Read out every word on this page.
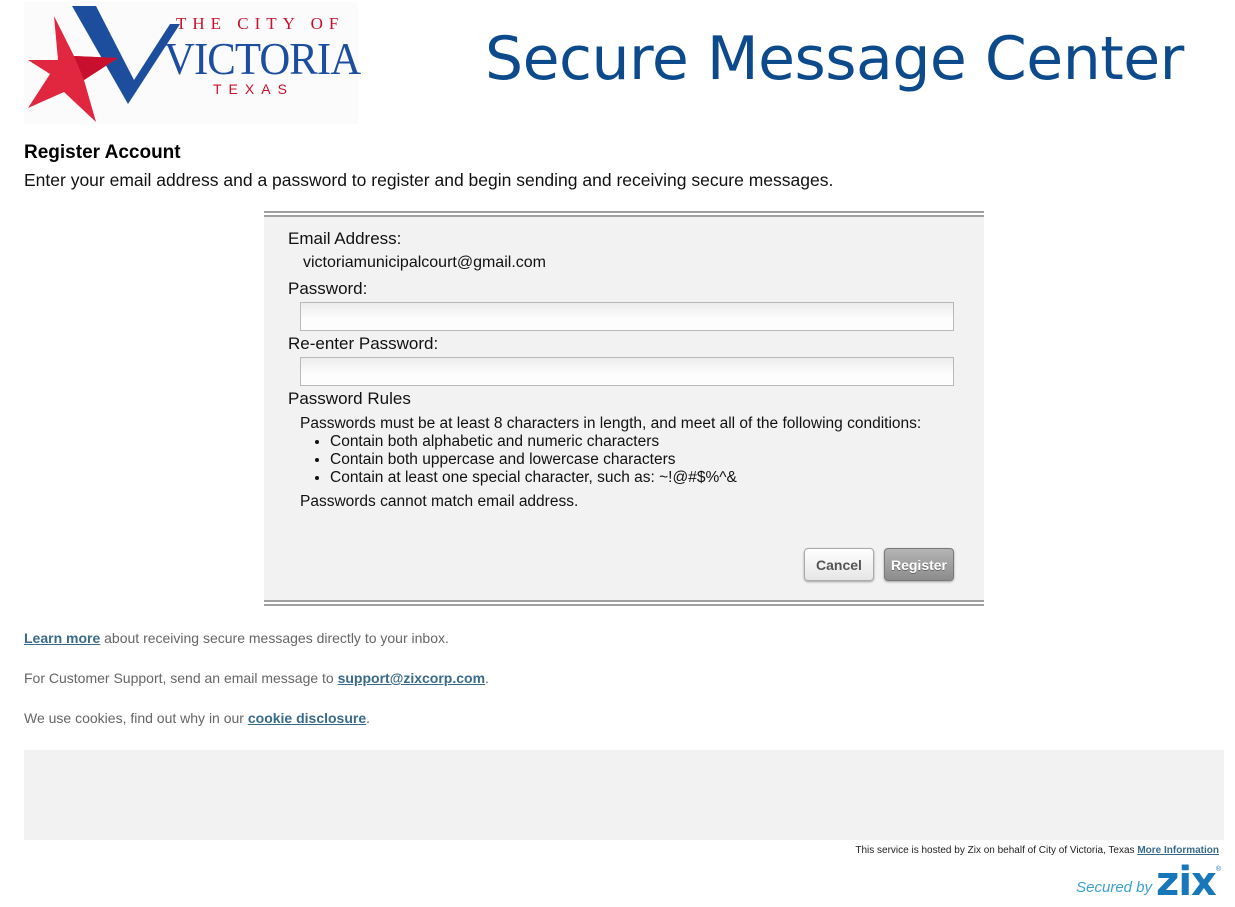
THE CITY OF
VICTORIA
TEXAS	Secure Message Center
Register Account
Enter your email address and a password to register and begin sending and receiving secure messages.
Email Address:
victoriamunicipalcourt@gmail.com
Password:
Re-enter Password:
Password Rules
Passwords must be at least 8 characters in length, and meet all of the following conditions:
• Contain both alphabetic and numeric characters
• Contain both uppercase and lowercase characters
• Contain at least one special character, such as: ~!@#$%^&
Passwords cannot match email address.
Cancel	Register
Learn more about receiving secure messages directly to your inbox.
For Customer Support, send an email message to support@zixcorp.com.
We use cookies, find out why in our cookie disclosure.
This service is hosted by Zix on behalf of City of Victoria, Texas More Information
Secured by zix ®
